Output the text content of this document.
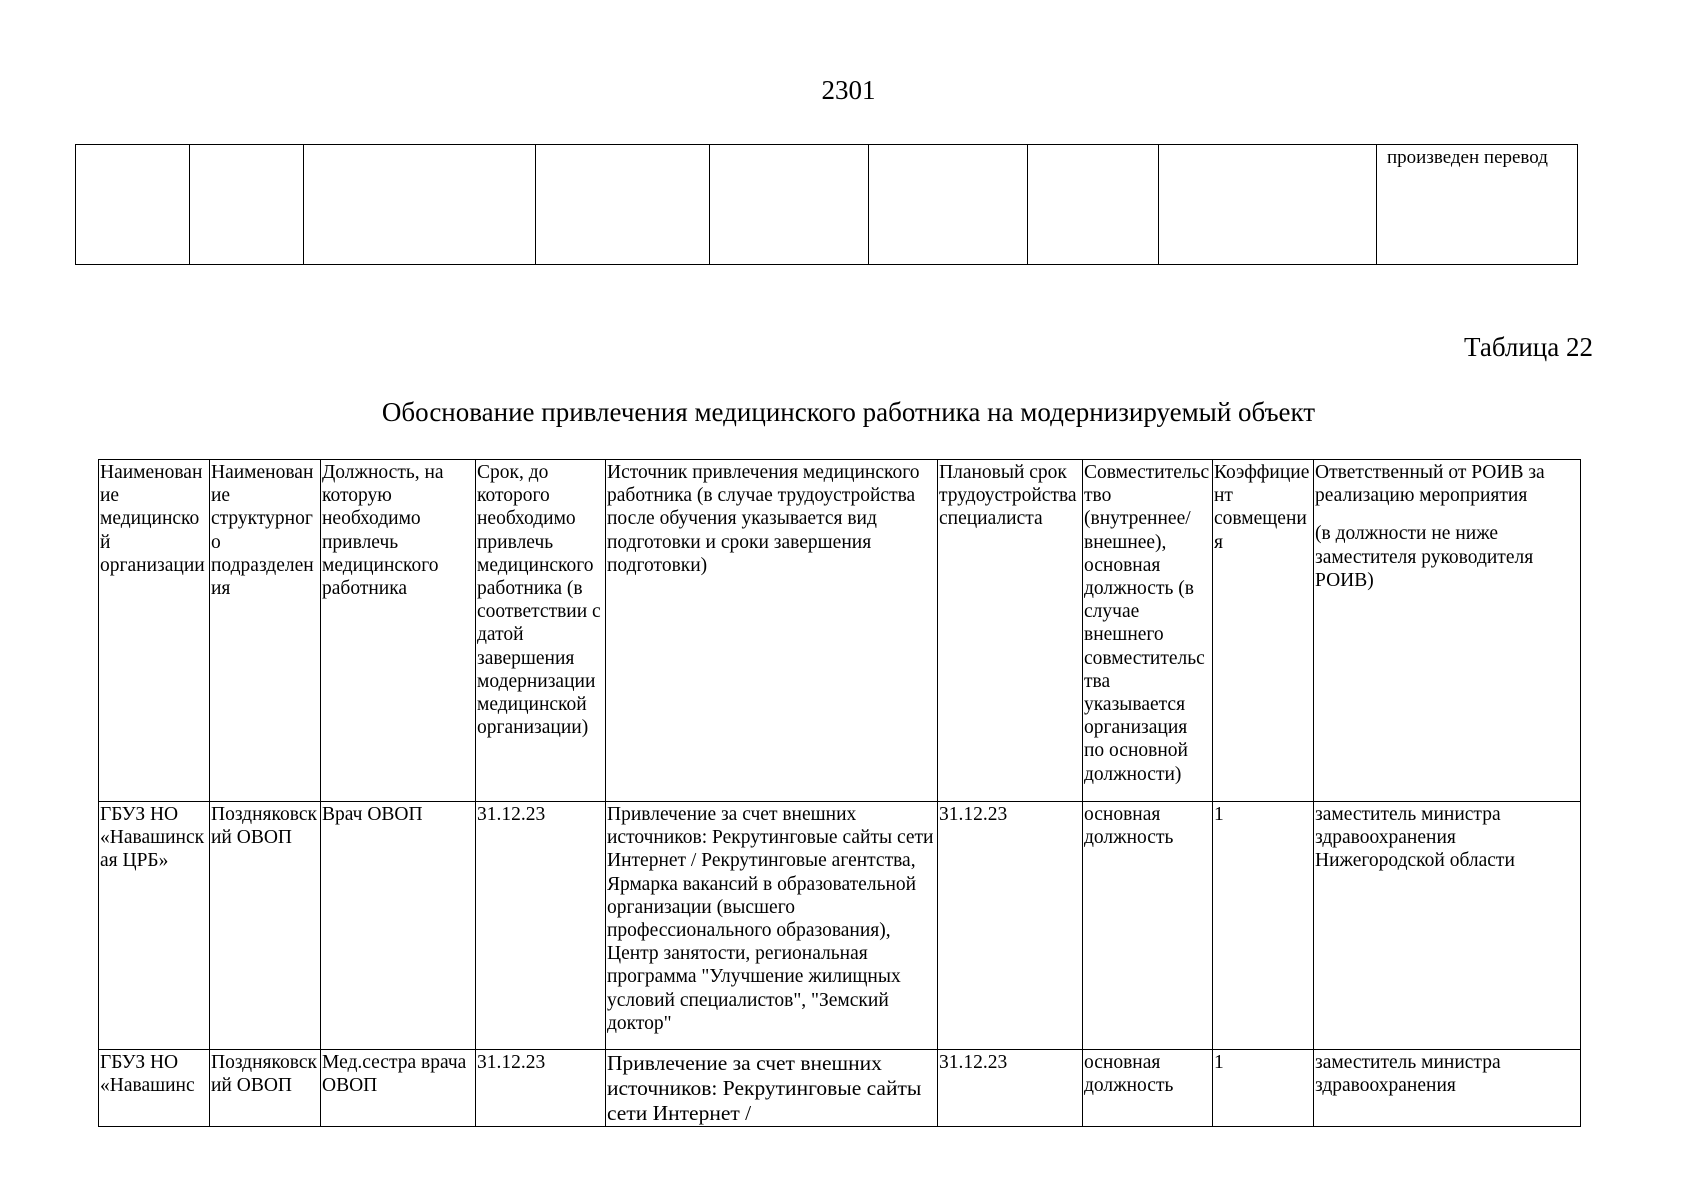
2301
								произведен перевод
Таблица 22
Обоснование привлечения медицинского работника на модернизируемый объект
Наименование медицинской организации	Наименование структурного подразделения	Должность, на которую необходимо привлечь медицинского работника	Срок, до которого необходимо привлечь медицинского работника (в соответствии с датой завершения модернизации медицинской организации)	Источник привлечения медицинского работника (в случае трудоустройства после обучения указывается вид подготовки и сроки завершения подготовки)	Плановый срок трудоустройства специалиста	Совместительство (внутреннее/внешнее), основная должность (в случае внешнего совместительства указывается организация по основной должности)	Коэффициент совмещения	Ответственный от РОИВ за реализацию мероприятия
(в должности не ниже заместителя руководителя РОИВ)

ГБУЗ НО «Навашинская ЦРБ»	Поздняковский ОВОП	Врач ОВОП	31.12.23	Привлечение за счет внешних источников: Рекрутинговые сайты сети Интернет / Рекрутинговые агентства, Ярмарка вакансий в образовательной организации (высшего профессионального образования), Центр занятости, региональная программа "Улучшение жилищных условий специалистов", "Земский доктор"	31.12.23	основная должность	1	заместитель министра здравоохранения Нижегородской области
ГБУЗ НО «Навашинс	Поздняковский ОВОП	Мед.сестра врача ОВОП	31.12.23	Привлечение за счет внешних источников: Рекрутинговые сайты сети Интернет /	31.12.23	основная должность	1	заместитель министра здравоохранения
